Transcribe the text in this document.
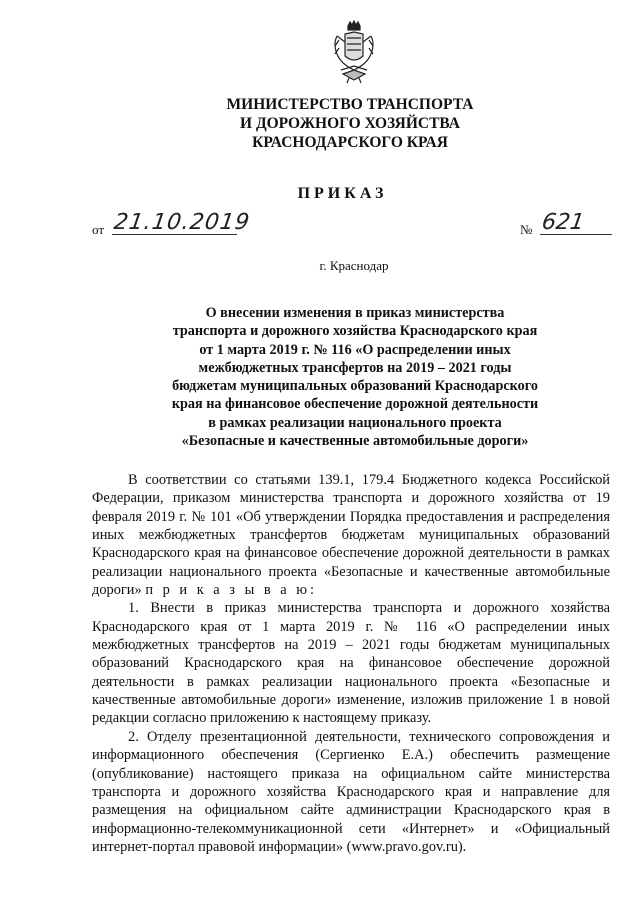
МИНИСТЕРСТВО ТРАНСПОРТА
И ДОРОЖНОГО ХОЗЯЙСТВА
КРАСНОДАРСКОГО КРАЯ
ПРИКАЗ
от 21.10.2019	№ 621
г. Краснодар
О внесении изменения в приказ министерства
транспорта и дорожного хозяйства Краснодарского края
от 1 марта 2019 г. № 116 «О распределении иных
межбюджетных трансфертов на 2019 – 2021 годы
бюджетам муниципальных образований Краснодарского
края на финансовое обеспечение дорожной деятельности
в рамках реализации национального проекта
«Безопасные и качественные автомобильные дороги»

В соответствии со статьями 139.1, 179.4 Бюджетного кодекса Российской Федерации, приказом министерства транспорта и дорожного хозяйства от 19 февраля 2019 г. № 101 «Об утверждении Порядка предоставления и распределения иных межбюджетных трансфертов бюджетам муниципальных образований Краснодарского края на финансовое обеспечение дорожной деятельности в рамках реализации национального проекта «Безопасные и качественные автомобильные дороги» п р и к а з ы в а ю:

1. Внести в приказ министерства транспорта и дорожного хозяйства Краснодарского края от 1 марта 2019 г. № 116 «О распределении иных межбюджетных трансфертов на 2019 – 2021 годы бюджетам муниципальных образований Краснодарского края на финансовое обеспечение дорожной деятельности в рамках реализации национального проекта «Безопасные и качественные автомобильные дороги» изменение, изложив приложение 1 в новой редакции согласно приложению к настоящему приказу.

2. Отделу презентационной деятельности, технического сопровождения и информационного обеспечения (Сергиенко Е.А.) обеспечить размещение (опубликование) настоящего приказа на официальном сайте министерства транспорта и дорожного хозяйства Краснодарского края и направление для размещения на официальном сайте администрации Краснодарского края в информационно-телекоммуникационной сети «Интернет» и «Официальный интернет-портал правовой информации» (www.pravo.gov.ru).
